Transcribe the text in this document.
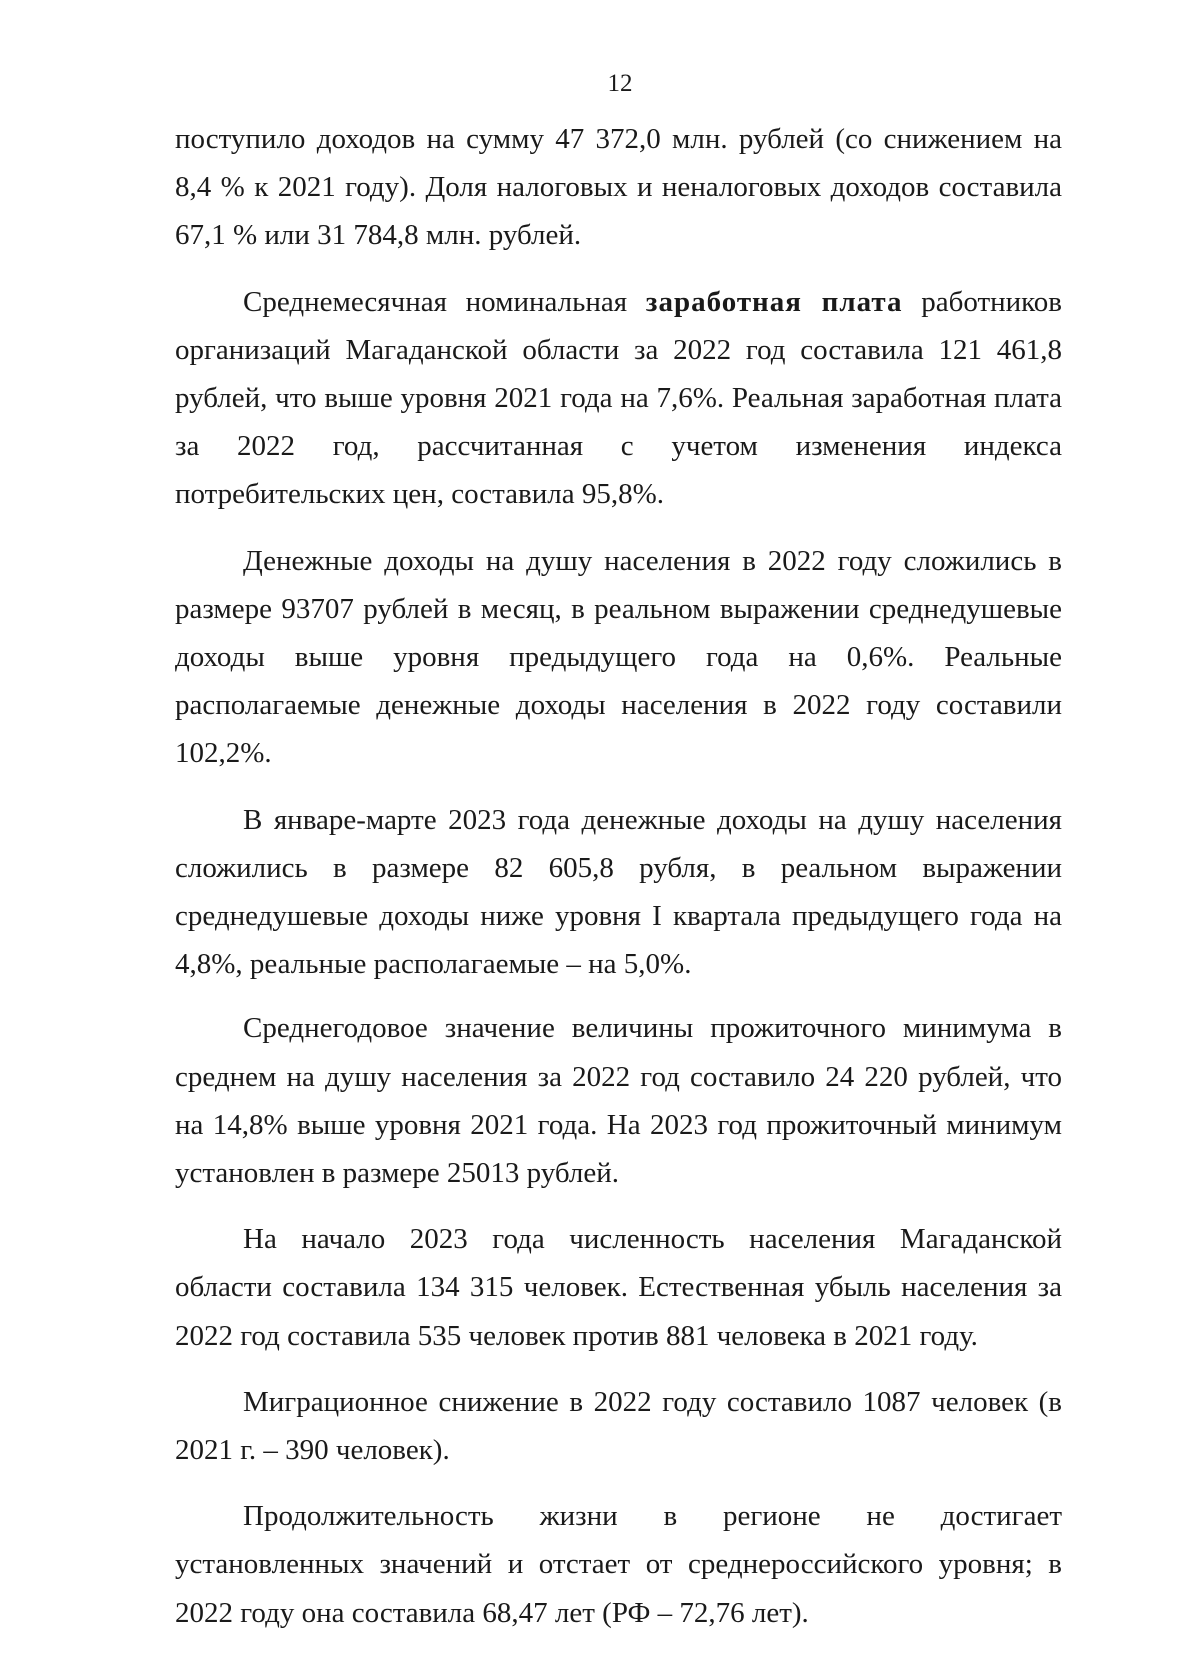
12

поступило доходов на сумму 47 372,0 млн. рублей (со снижением на 8,4 % к 2021 году). Доля налоговых и неналоговых доходов составила 67,1 % или 31 784,8 млн. рублей.

Среднемесячная номинальная заработная плата работников организаций Магаданской области за 2022 год составила 121 461,8 рублей, что выше уровня 2021 года на 7,6%. Реальная заработная плата за 2022 год, рассчитанная с учетом изменения индекса потребительских цен, составила 95,8%.

Денежные доходы на душу населения в 2022 году сложились в размере 93707 рублей в месяц, в реальном выражении среднедушевые доходы выше уровня предыдущего года на 0,6%. Реальные располагаемые денежные доходы населения в 2022 году составили 102,2%.

В январе-марте 2023 года денежные доходы на душу населения сложились в размере 82 605,8 рубля, в реальном выражении среднедушевые доходы ниже уровня I квартала предыдущего года на 4,8%, реальные располагаемые – на 5,0%.

Среднегодовое значение величины прожиточного минимума в среднем на душу населения за 2022 год составило 24 220 рублей, что на 14,8% выше уровня 2021 года. На 2023 год прожиточный минимум установлен в размере 25013 рублей.

На начало 2023 года численность населения Магаданской области составила 134 315 человек. Естественная убыль населения за 2022 год составила 535 человек против 881 человека в 2021 году.

Миграционное снижение в 2022 году составило 1087 человек (в 2021 г. – 390 человек).

Продолжительность жизни в регионе не достигает установленных значений и отстает от среднероссийского уровня; в 2022 году она составила 68,47 лет (РФ – 72,76 лет).
